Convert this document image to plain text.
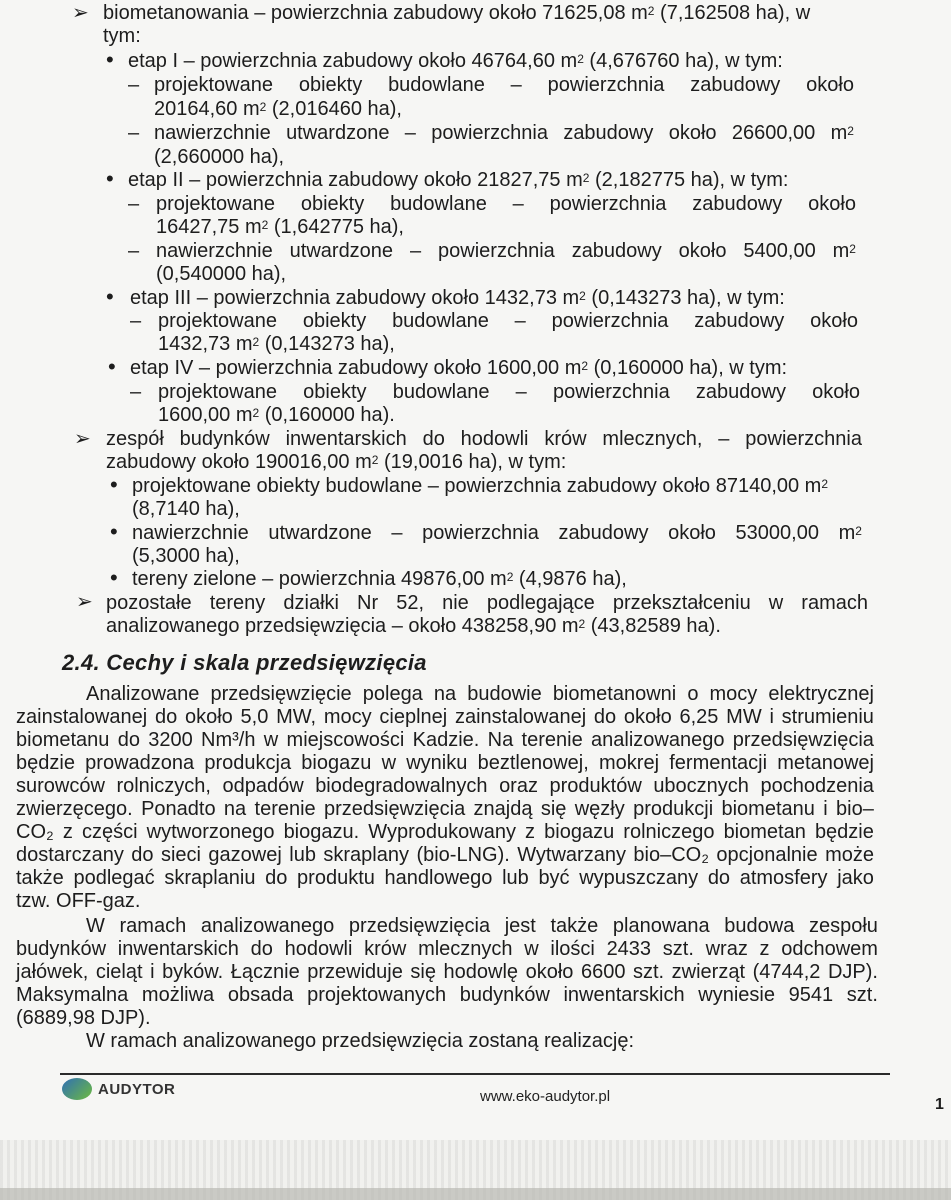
➢ biometanowania – powierzchnia zabudowy około 71625,08 $m^2$ (7,162508 ha), w
tym:
• etap I – powierzchnia zabudowy około 46764,60 $m^2$ (4,676760 ha), w tym:
– projektowane obiekty budowlane – powierzchnia zabudowy około
20164,60 $m^2$ (2,016460 ha),
– nawierzchnie utwardzone – powierzchnia zabudowy około 26600,00 $m^2$
(2,660000 ha),
• etap II – powierzchnia zabudowy około 21827,75 $m^2$ (2,182775 ha), w tym:
– projektowane obiekty budowlane – powierzchnia zabudowy około
16427,75 $m^2$ (1,642775 ha),
– nawierzchnie utwardzone – powierzchnia zabudowy około 5400,00 $m^2$
(0,540000 ha),
• etap III – powierzchnia zabudowy około 1432,73 $m^2$ (0,143273 ha), w tym:
– projektowane obiekty budowlane – powierzchnia zabudowy około
1432,73 $m^2$ (0,143273 ha),
• etap IV – powierzchnia zabudowy około 1600,00 $m^2$ (0,160000 ha), w tym:
– projektowane obiekty budowlane – powierzchnia zabudowy około
1600,00 $m^2$ (0,160000 ha).
➢ zespół budynków inwentarskich do hodowli krów mlecznych, – powierzchnia
zabudowy około 190016,00 $m^2$ (19,0016 ha), w tym:
• projektowane obiekty budowlane – powierzchnia zabudowy około 87140,00 $m^2$
(8,7140 ha),
• nawierzchnie utwardzone – powierzchnia zabudowy około 53000,00 $m^2$
(5,3000 ha),
• tereny zielone – powierzchnia 49876,00 $m^2$ (4,9876 ha),
➢ pozostałe tereny działki Nr 52, nie podlegające przekształceniu w ramach
analizowanego przedsięwzięcia – około 438258,90 $m^2$ (43,82589 ha).
2.4. Cechy i skala przedsięwzięcia
Analizowane przedsięwzięcie polega na budowie biometanowni o mocy elektrycznej
zainstalowanej do około 5,0 MW, mocy cieplnej zainstalowanej do około 6,25 MW i strumieniu
biometanu do 3200 Nm³/h w miejscowości Kadzie. Na terenie analizowanego przedsięwzięcia
będzie prowadzona produkcja biogazu w wyniku beztlenowej, mokrej fermentacji metanowej
surowców rolniczych, odpadów biodegradowalnych oraz produktów ubocznych pochodzenia
zwierzęcego. Ponadto na terenie przedsięwzięcia znajdą się węzły produkcji biometanu i bio–
CO₂ z części wytworzonego biogazu. Wyprodukowany z biogazu rolniczego biometan będzie
dostarczany do sieci gazowej lub skraplany (bio-LNG). Wytwarzany bio–CO₂ opcjonalnie może
także podlegać skraplaniu do produktu handlowego lub być wypuszczany do atmosfery jako
tzw. OFF-gaz.
W ramach analizowanego przedsięwzięcia jest także planowana budowa zespołu
budynków inwentarskich do hodowli krów mlecznych w ilości 2433 szt. wraz z odchowem
jałówek, cieląt i byków. Łącznie przewiduje się hodowlę około 6600 szt. zwierząt (4744,2 DJP).
Maksymalna możliwa obsada projektowanych budynków inwentarskich wyniesie 9541 szt.
(6889,98 DJP).
W ramach analizowanego przedsięwzięcia zostaną realizację:
AUDYTOR	www.eko-audytor.pl	1
